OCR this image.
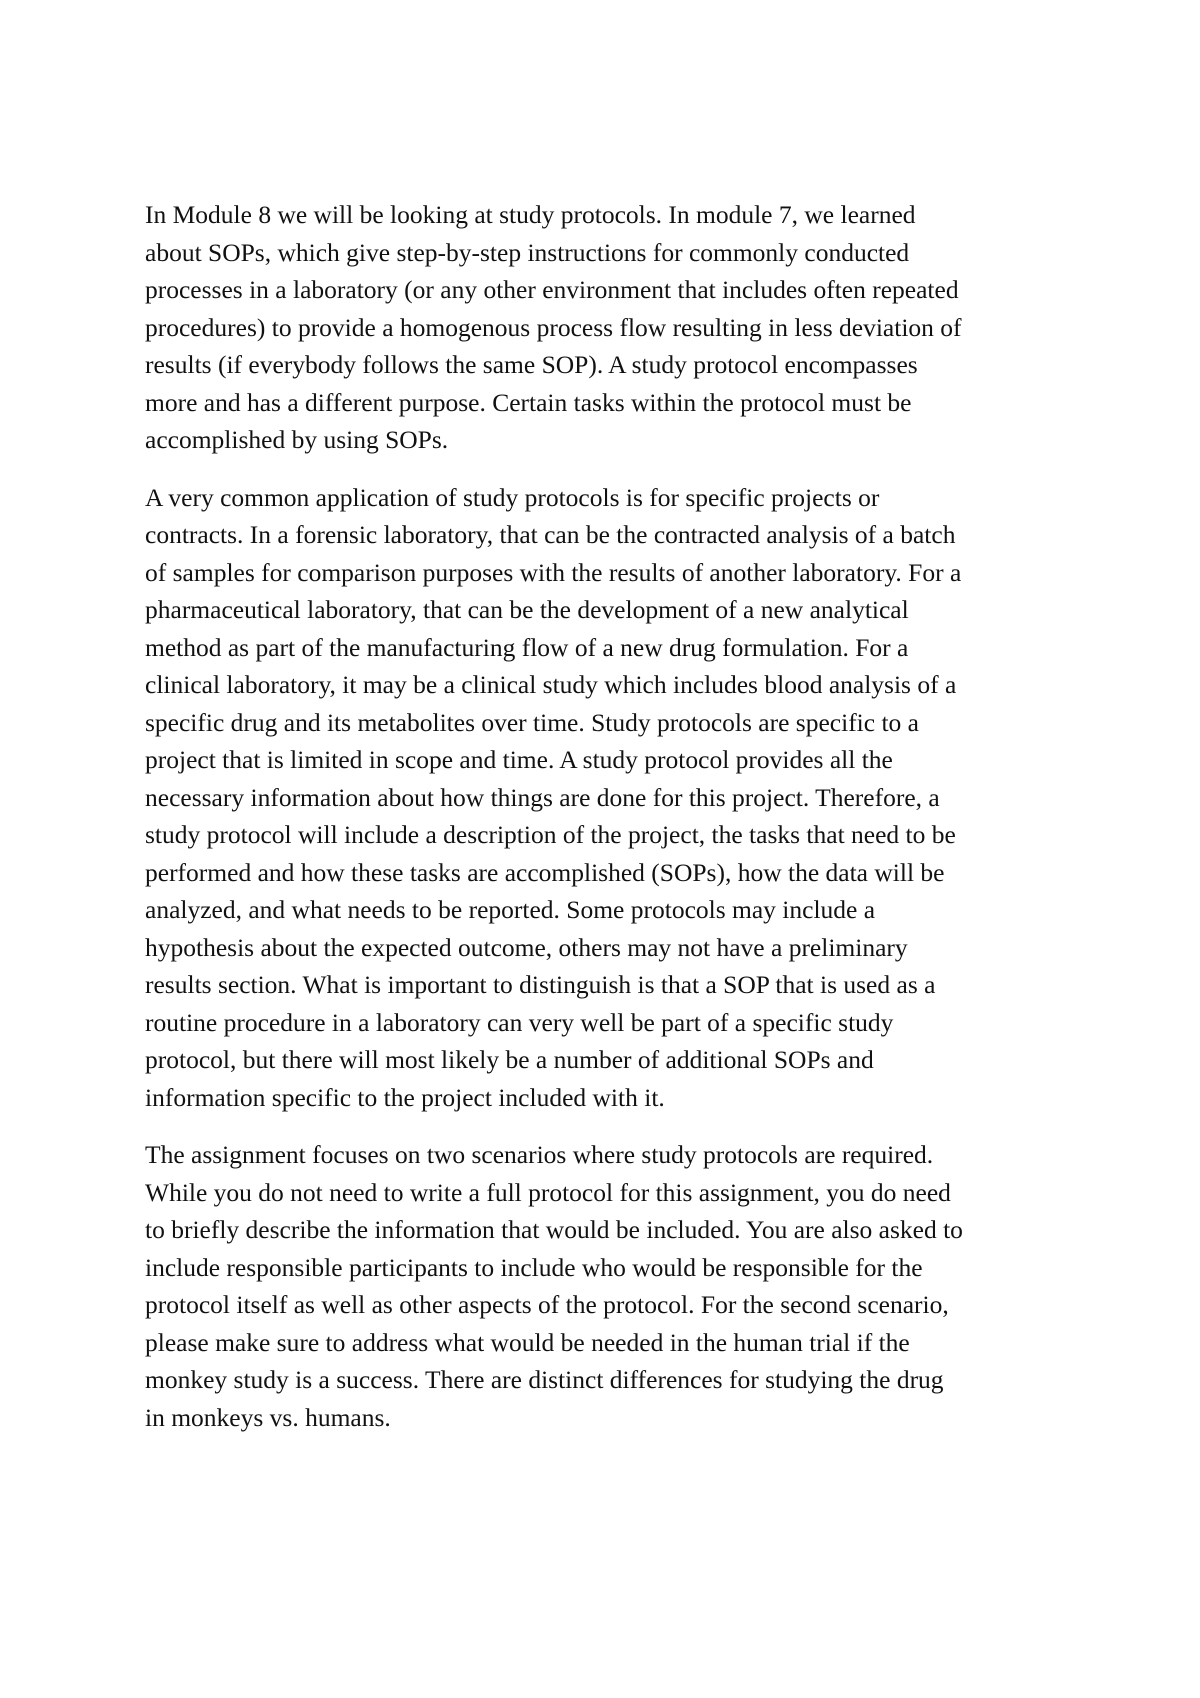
In Module 8 we will be looking at study protocols. In module 7, we learned
about SOPs, which give step-by-step instructions for commonly conducted
processes in a laboratory (or any other environment that includes often repeated
procedures) to provide a homogenous process flow resulting in less deviation of
results (if everybody follows the same SOP). A study protocol encompasses
more and has a different purpose. Certain tasks within the protocol must be
accomplished by using SOPs.

A very common application of study protocols is for specific projects or
contracts. In a forensic laboratory, that can be the contracted analysis of a batch
of samples for comparison purposes with the results of another laboratory. For a
pharmaceutical laboratory, that can be the development of a new analytical
method as part of the manufacturing flow of a new drug formulation. For a
clinical laboratory, it may be a clinical study which includes blood analysis of a
specific drug and its metabolites over time. Study protocols are specific to a
project that is limited in scope and time. A study protocol provides all the
necessary information about how things are done for this project. Therefore, a
study protocol will include a description of the project, the tasks that need to be
performed and how these tasks are accomplished (SOPs), how the data will be
analyzed, and what needs to be reported. Some protocols may include a
hypothesis about the expected outcome, others may not have a preliminary
results section. What is important to distinguish is that a SOP that is used as a
routine procedure in a laboratory can very well be part of a specific study
protocol, but there will most likely be a number of additional SOPs and
information specific to the project included with it.

The assignment focuses on two scenarios where study protocols are required.
While you do not need to write a full protocol for this assignment, you do need
to briefly describe the information that would be included. You are also asked to
include responsible participants to include who would be responsible for the
protocol itself as well as other aspects of the protocol. For the second scenario,
please make sure to address what would be needed in the human trial if the
monkey study is a success. There are distinct differences for studying the drug
in monkeys vs. humans.
